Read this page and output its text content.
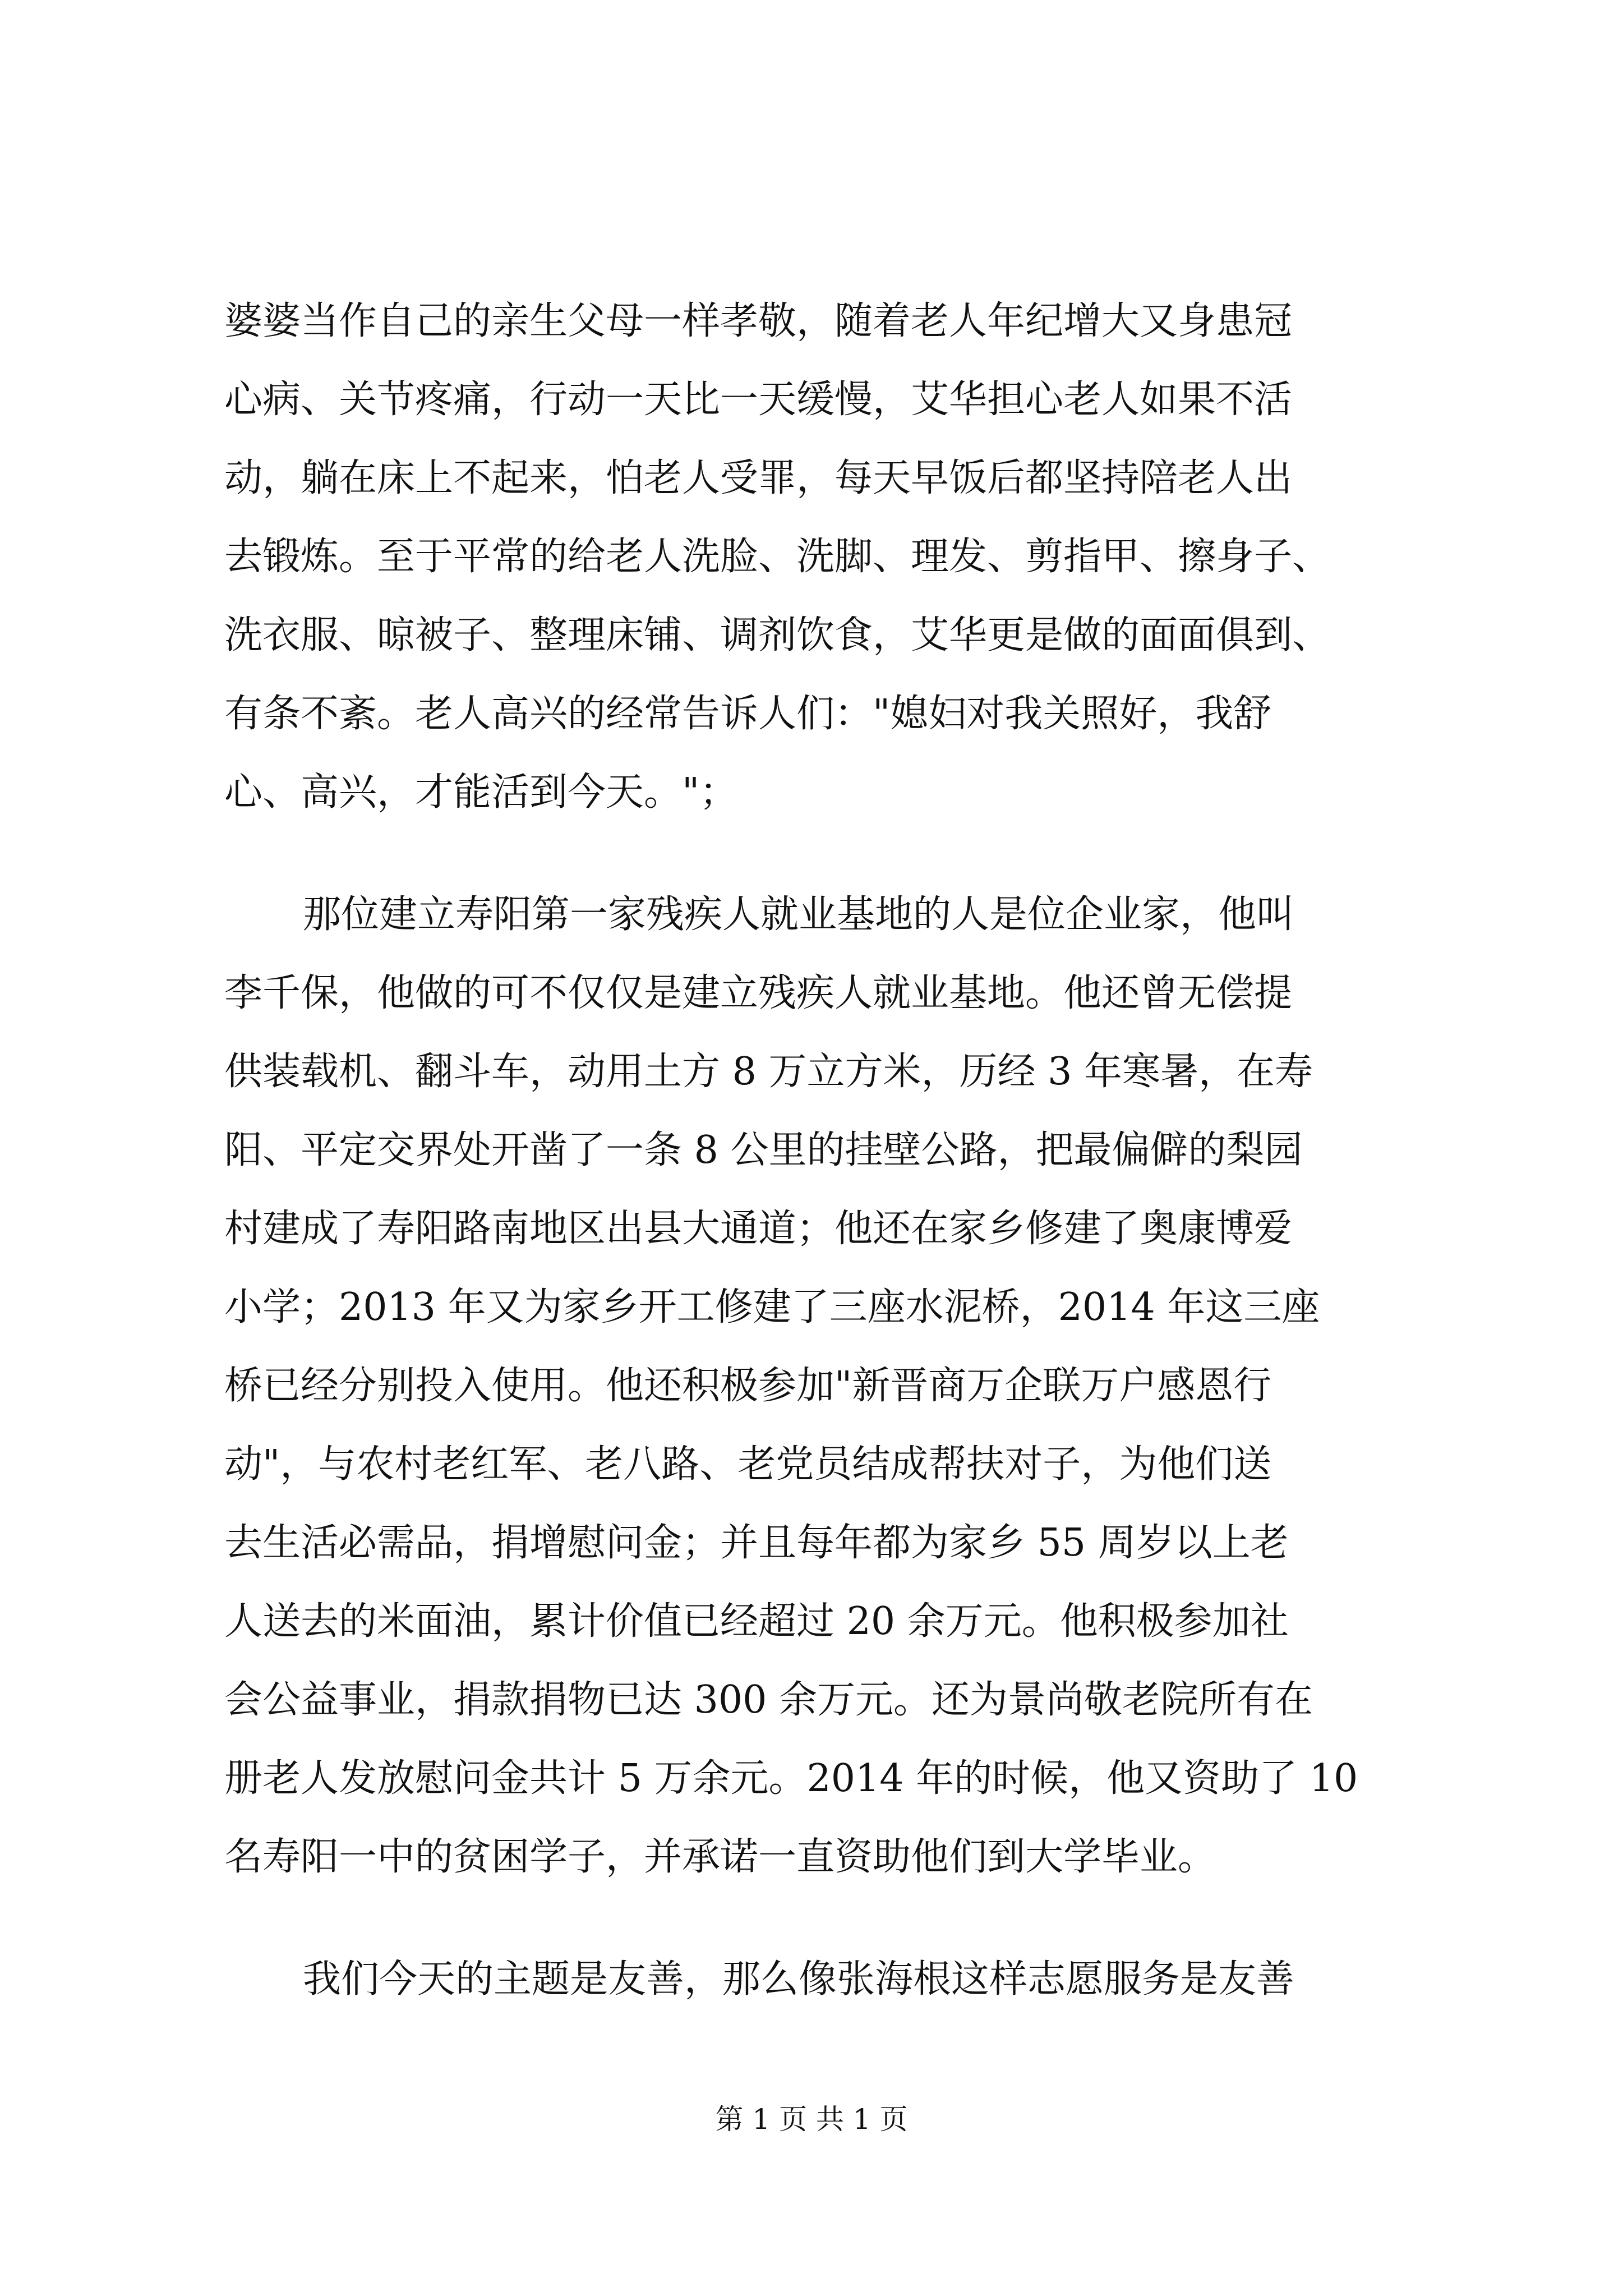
婆婆当作自己的亲生父母一样孝敬，随着老人年纪增大又身患冠
心病、关节疼痛，行动一天比一天缓慢，艾华担心老人如果不活
动，躺在床上不起来，怕老人受罪，每天早饭后都坚持陪老人出
去锻炼。至于平常的给老人洗脸、洗脚、理发、剪指甲、擦身子、
洗衣服、晾被子、整理床铺、调剂饮食，艾华更是做的面面俱到、
有条不紊。老人高兴的经常告诉人们："媳妇对我关照好，我舒
心、高兴，才能活到今天。"；
那位建立寿阳第一家残疾人就业基地的人是位企业家，他叫
李千保，他做的可不仅仅是建立残疾人就业基地。他还曾无偿提
供装载机、翻斗车，动用土方 8 万立方米，历经 3 年寒暑，在寿
阳、平定交界处开凿了一条 8 公里的挂壁公路，把最偏僻的梨园
村建成了寿阳路南地区出县大通道；他还在家乡修建了奥康博爱
小学；2013 年又为家乡开工修建了三座水泥桥，2014 年这三座
桥已经分别投入使用。他还积极参加"新晋商万企联万户感恩行
动"，与农村老红军、老八路、老党员结成帮扶对子，为他们送
去生活必需品，捐增慰问金；并且每年都为家乡 55 周岁以上老
人送去的米面油，累计价值已经超过 20 余万元。他积极参加社
会公益事业，捐款捐物已达 300 余万元。还为景尚敬老院所有在
册老人发放慰问金共计 5 万余元。2014 年的时候，他又资助了 10
名寿阳一中的贫困学子，并承诺一直资助他们到大学毕业。
我们今天的主题是友善，那么像张海根这样志愿服务是友善
第 1 页 共 1 页
